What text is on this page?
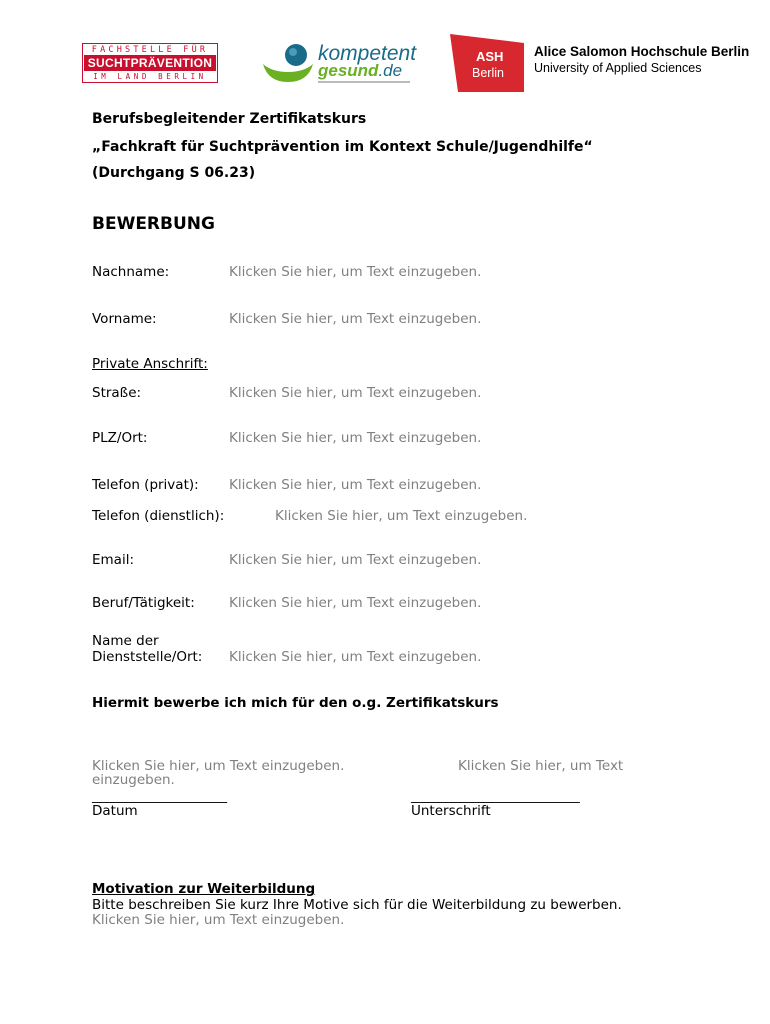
FACHSTELLE FÜR
SUCHTPRÄVENTION
IM LAND BERLIN
kompetent
gesund.de
ASH
Berlin
Alice Salomon Hochschule Berlin
University of Applied Sciences
Berufsbegleitender Zertifikatskurs
„Fachkraft für Suchtprävention im Kontext Schule/Jugendhilfe“
(Durchgang S 06.23)
BEWERBUNG
Nachname:	Klicken Sie hier, um Text einzugeben.
Vorname:	Klicken Sie hier, um Text einzugeben.
Private Anschrift:
Straße:	Klicken Sie hier, um Text einzugeben.
PLZ/Ort:	Klicken Sie hier, um Text einzugeben.
Telefon (privat): Klicken Sie hier, um Text einzugeben.
Telefon (dienstlich):	Klicken Sie hier, um Text einzugeben.
Email:	Klicken Sie hier, um Text einzugeben.
Beruf/Tätigkeit:	Klicken Sie hier, um Text einzugeben.
Name der
Dienststelle/Ort: Klicken Sie hier, um Text einzugeben.
Hiermit bewerbe ich mich für den o.g. Zertifikatskurs
Klicken Sie hier, um Text einzugeben.	Klicken Sie hier, um Text
einzugeben.
____________________	_________________________
Datum	Unterschrift
Motivation zur Weiterbildung
Bitte beschreiben Sie kurz Ihre Motive sich für die Weiterbildung zu bewerben.
Klicken Sie hier, um Text einzugeben.
